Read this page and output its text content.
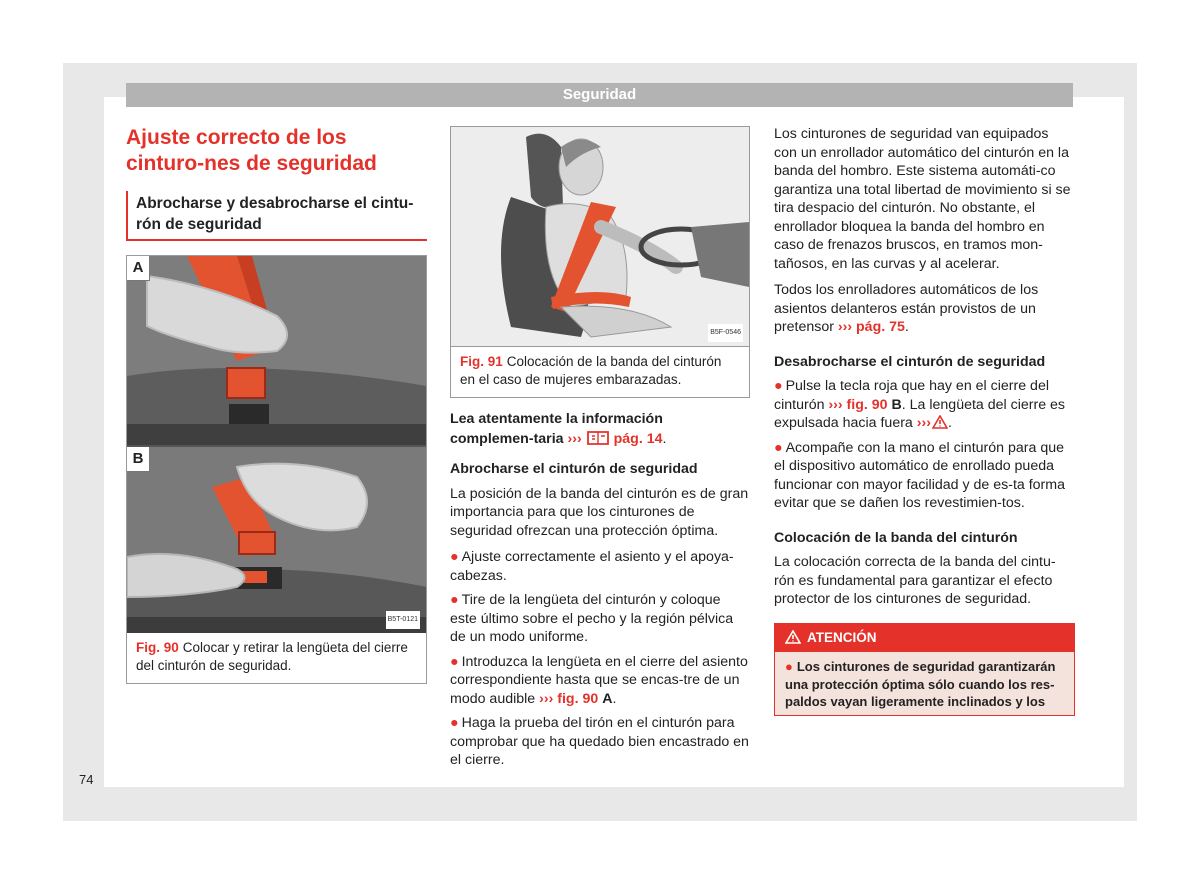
Seguridad
74
Ajuste correcto de los cinturo-nes de seguridad
Abrocharse y desabrocharse el cintu-rón de seguridad
A
B
B5T-0121
Fig. 90 Colocar y retirar la lengüeta del cierre del cinturón de seguridad.
B5F-0546
Fig. 91 Colocación de la banda del cinturón en el caso de mujeres embarazadas.

Lea atentamente la información complemen-taria ››› pág. 14.

Abrocharse el cinturón de seguridad

La posición de la banda del cinturón es de gran importancia para que los cinturones de seguridad ofrezcan una protección óptima.

● Ajuste correctamente el asiento y el apoya-cabezas.
● Tire de la lengüeta del cinturón y coloque este último sobre el pecho y la región pélvica de un modo uniforme.
● Introduzca la lengüeta en el cierre del asiento correspondiente hasta que se encas-tre de un modo audible ››› fig. 90 A.
● Haga la prueba del tirón en el cinturón para comprobar que ha quedado bien encastrado en el cierre.

Los cinturones de seguridad van equipados con un enrollador automático del cinturón en la banda del hombro. Este sistema automáti-co garantiza una total libertad de movimiento si se tira despacio del cinturón. No obstante, el enrollador bloquea la banda del hombro en caso de frenazos bruscos, en tramos mon-tañosos, en las curvas y al acelerar.

Todos los enrolladores automáticos de los asientos delanteros están provistos de un pretensor ››› pág. 75.

Desabrocharse el cinturón de seguridad
● Pulse la tecla roja que hay en el cierre del cinturón ››› fig. 90 B. La lengüeta del cierre es expulsada hacia fuera ››› .
● Acompañe con la mano el cinturón para que el dispositivo automático de enrollado pueda funcionar con mayor facilidad y de es-ta forma evitar que se dañen los revestimien-tos.
Colocación de la banda del cinturón

La colocación correcta de la banda del cintu-rón es fundamental para garantizar el efecto protector de los cinturones de seguridad.

ATENCIÓN
● Los cinturones de seguridad garantizarán una protección óptima sólo cuando los res-paldos vayan ligeramente inclinados y los
